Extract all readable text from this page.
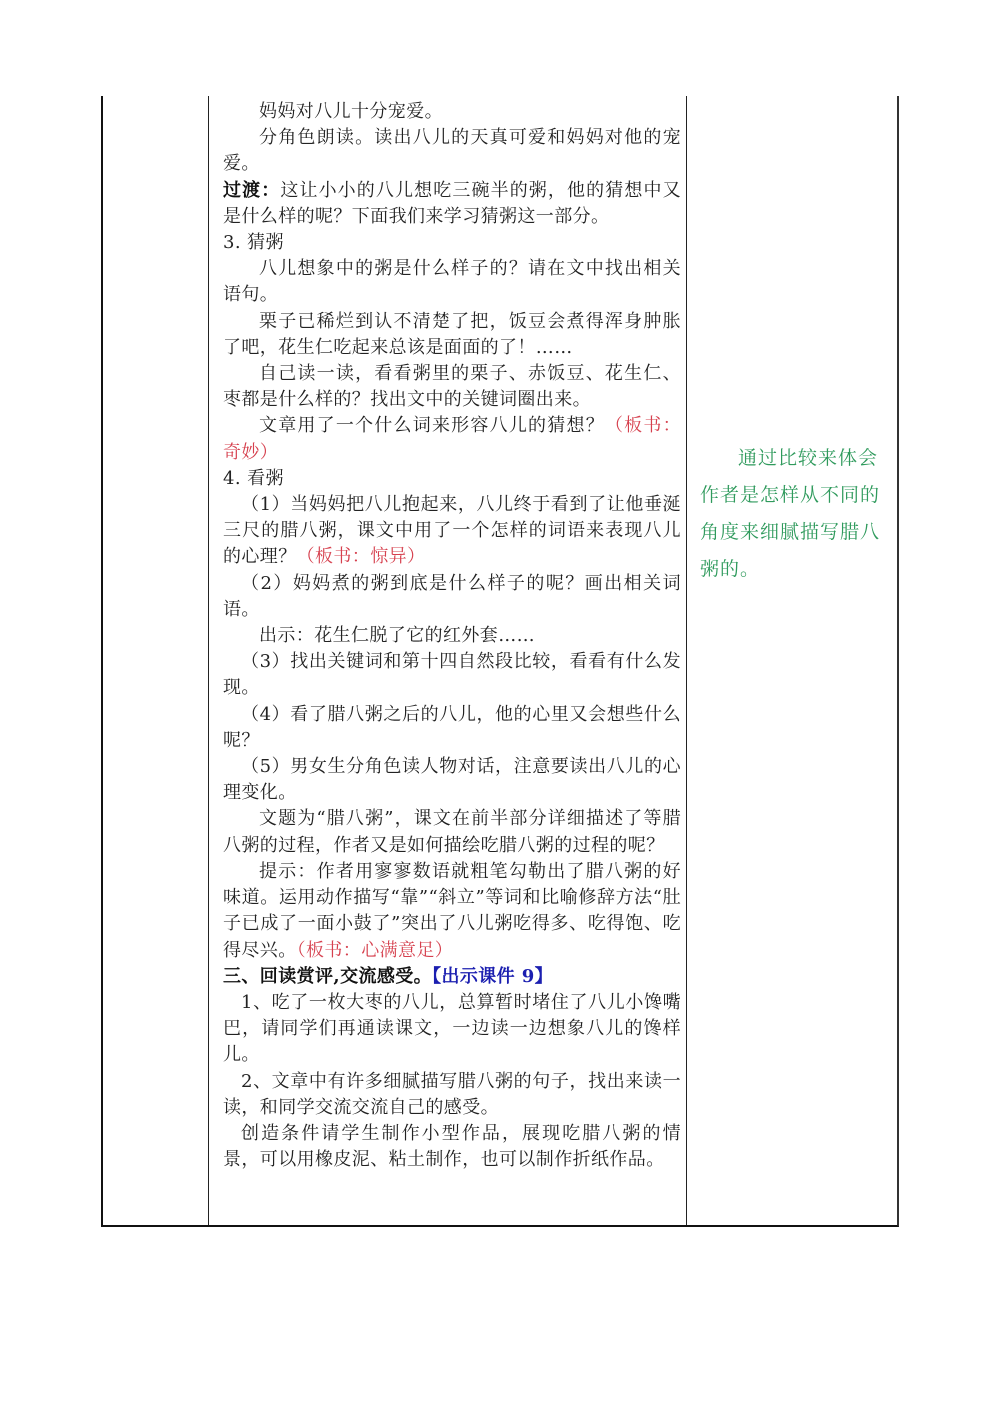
妈妈对八儿十分宠爱。

分角色朗读。读出八儿的天真可爱和妈妈对他的宠爱。

过渡：这让小小的八儿想吃三碗半的粥，他的猜想中又是什么样的呢？下面我们来学习猜粥这一部分。

3. 猜粥

八儿想象中的粥是什么样子的？请在文中找出相关语句。

栗子已稀烂到认不清楚了把，饭豆会煮得浑身肿胀了吧，花生仁吃起来总该是面面的了！……

自己读一读，看看粥里的栗子、赤饭豆、花生仁、枣都是什么样的？找出文中的关键词圈出来。

文章用了一个什么词来形容八儿的猜想？（板书：奇妙）

4. 看粥

（1）当妈妈把八儿抱起来，八儿终于看到了让他垂涎三尺的腊八粥，课文中用了一个怎样的词语来表现八儿的心理？（板书：惊异）

（2）妈妈煮的粥到底是什么样子的呢？画出相关词语。

出示：花生仁脱了它的红外套……

（3）找出关键词和第十四自然段比较，看看有什么发现。

（4）看了腊八粥之后的八儿，他的心里又会想些什么呢？

（5）男女生分角色读人物对话，注意要读出八儿的心理变化。

文题为“腊八粥”，课文在前半部分详细描述了等腊八粥的过程，作者又是如何描绘吃腊八粥的过程的呢？

提示：作者用寥寥数语就粗笔勾勒出了腊八粥的好味道。运用动作描写“靠”“斜立”等词和比喻修辞方法“肚子已成了一面小鼓了”突出了八儿粥吃得多、吃得饱、吃得尽兴。（板书：心满意足）

三、回读赏评,交流感受。【出示课件 9】

1、吃了一枚大枣的八儿，总算暂时堵住了八儿小馋嘴巴，请同学们再通读课文，一边读一边想象八儿的馋样儿。

2、文章中有许多细腻描写腊八粥的句子，找出来读一读，和同学交流交流自己的感受。

创造条件请学生制作小型作品，展现吃腊八粥的情景，可以用橡皮泥、粘土制作，也可以制作折纸作品。

通过比较来体会作者是怎样从不同的角度来细腻描写腊八粥的。
